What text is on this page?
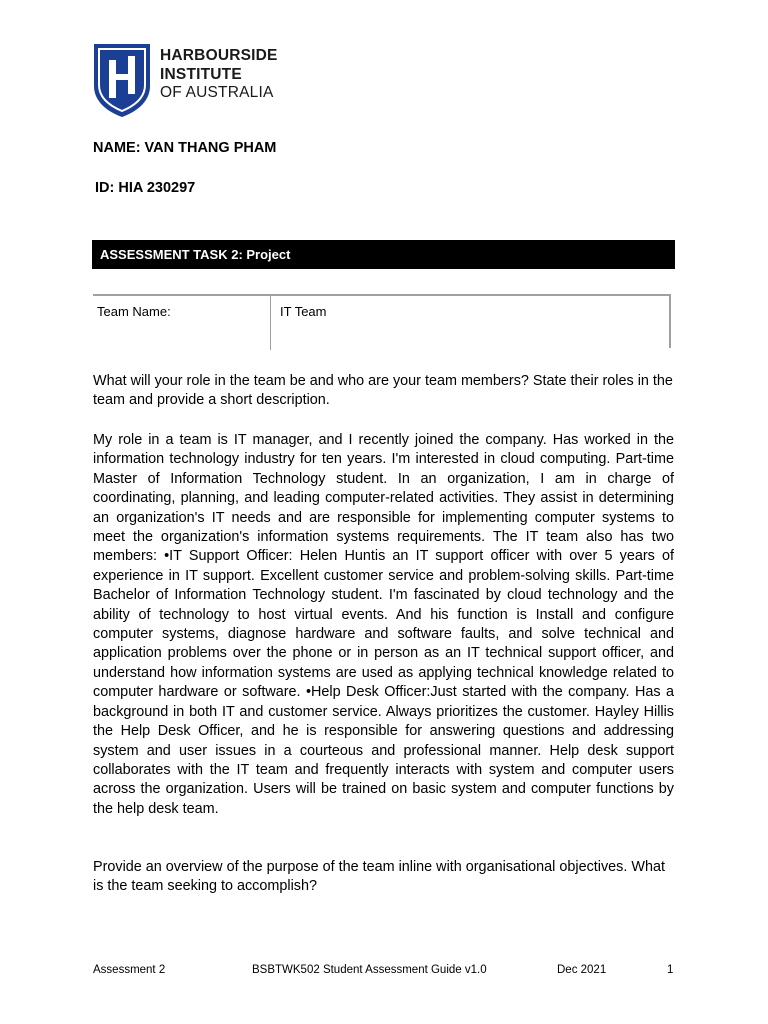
HARBOURSIDE
INSTITUTE
OF AUSTRALIA
NAME: VAN THANG PHAM
ID: HIA 230297
ASSESSMENT TASK 2: Project
Team Name:	IT Team
What will your role in the team be and who are your team members? State their roles in the team and provide a short description.
My role in a team is IT manager, and I recently joined the company. Has worked in the information technology industry for ten years. I'm interested in cloud computing. Part-time Master of Information Technology student. In an organization, I am in charge of coordinating, planning, and leading computer-related activities. They assist in determining an organization's IT needs and are responsible for implementing computer systems to meet the organization's information systems requirements. The IT team also has two members: •IT Support Officer: Helen Huntis an IT support officer with over 5 years of experience in IT support. Excellent customer service and problem-solving skills. Part-time Bachelor of Information Technology student. I'm fascinated by cloud technology and the ability of technology to host virtual events. And his function is Install and configure computer systems, diagnose hardware and software faults, and solve technical and application problems over the phone or in person as an IT technical support officer, and understand how information systems are used as applying technical knowledge related to computer hardware or software. •Help Desk Officer:Just started with the company. Has a background in both IT and customer service. Always prioritizes the customer. Hayley Hillis the Help Desk Officer, and he is responsible for answering questions and addressing system and user issues in a courteous and professional manner. Help desk support collaborates with the IT team and frequently interacts with system and computer users across the organization. Users will be trained on basic system and computer functions by the help desk team.
Provide an overview of the purpose of the team inline with organisational objectives. What is the team seeking to accomplish?
Assessment 2	BSBTWK502 Student Assessment Guide v1.0	Dec 2021	1
